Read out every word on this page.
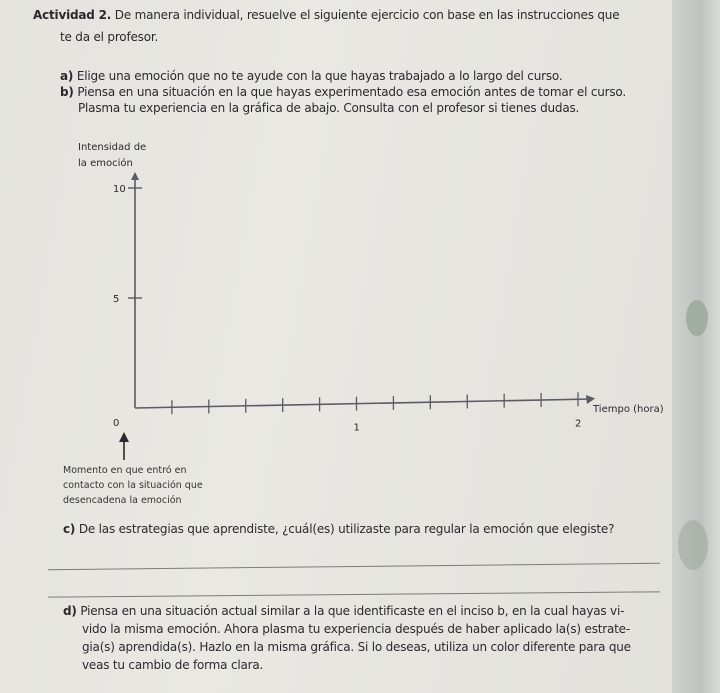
Actividad 2. De manera individual, resuelve el siguiente ejercicio con base en las instrucciones que
te da el profesor.
a) Elige una emoción que no te ayude con la que hayas trabajado a lo largo del curso.
b) Piensa en una situación en la que hayas experimentado esa emoción antes de tomar el curso.
Plasma tu experiencia en la gráfica de abajo. Consulta con el profesor si tienes dudas.
Intensidad de
la emoción
Tiempo (hora)
10
5
0	1	2
Momento en que entró en
contacto con la situación que
desencadena la emoción
c) De las estrategias que aprendiste, ¿cuál(es) utilizaste para regular la emoción que elegiste?
d) Piensa en una situación actual similar a la que identificaste en el inciso b, en la cual hayas vi-
vido la misma emoción. Ahora plasma tu experiencia después de haber aplicado la(s) estrate-
gia(s) aprendida(s). Hazlo en la misma gráfica. Si lo deseas, utiliza un color diferente para que
veas tu cambio de forma clara.
